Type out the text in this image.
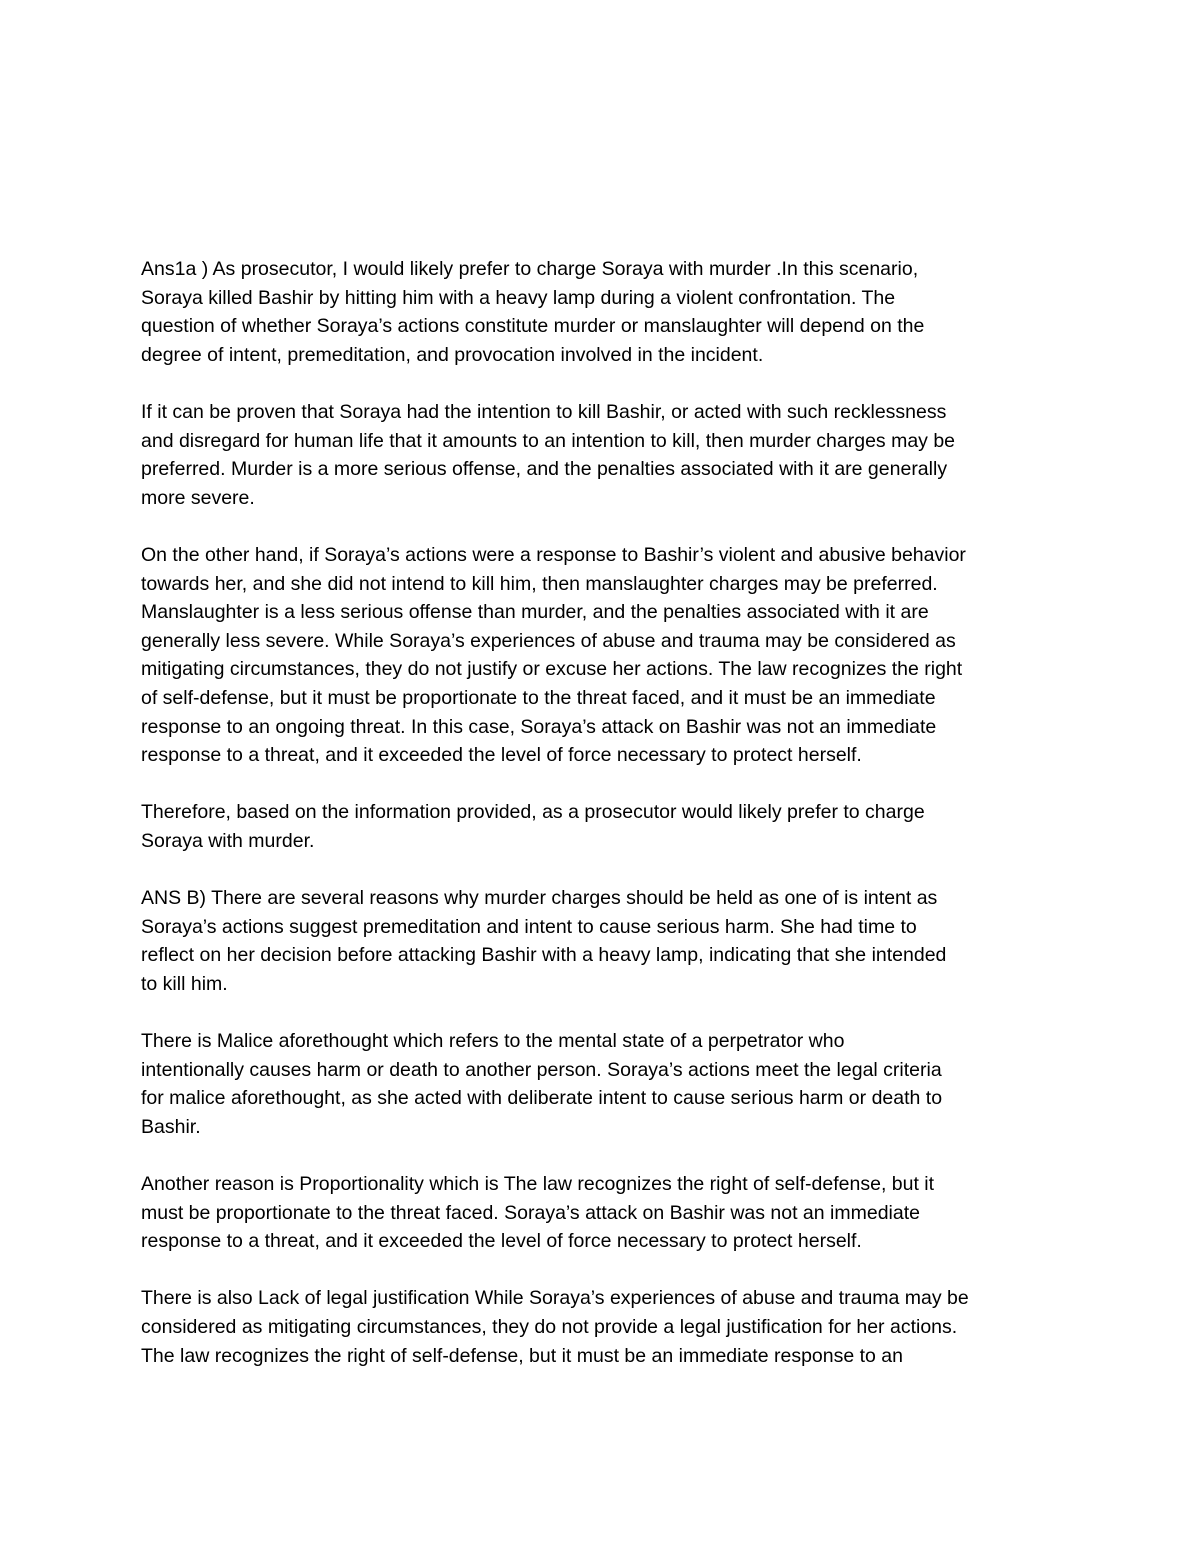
Ans1a ) As prosecutor, I would likely prefer to charge Soraya with murder .In this scenario,
Soraya killed Bashir by hitting him with a heavy lamp during a violent confrontation. The
question of whether Soraya’s actions constitute murder or manslaughter will depend on the
degree of intent, premeditation, and provocation involved in the incident.

If it can be proven that Soraya had the intention to kill Bashir, or acted with such recklessness
and disregard for human life that it amounts to an intention to kill, then murder charges may be
preferred. Murder is a more serious offense, and the penalties associated with it are generally
more severe.

On the other hand, if Soraya’s actions were a response to Bashir’s violent and abusive behavior
towards her, and she did not intend to kill him, then manslaughter charges may be preferred.
Manslaughter is a less serious offense than murder, and the penalties associated with it are
generally less severe. While Soraya’s experiences of abuse and trauma may be considered as
mitigating circumstances, they do not justify or excuse her actions. The law recognizes the right
of self-defense, but it must be proportionate to the threat faced, and it must be an immediate
response to an ongoing threat. In this case, Soraya’s attack on Bashir was not an immediate
response to a threat, and it exceeded the level of force necessary to protect herself.

Therefore, based on the information provided, as a prosecutor would likely prefer to charge
Soraya with murder.

ANS B) There are several reasons why murder charges should be held as one of is intent as
Soraya’s actions suggest premeditation and intent to cause serious harm. She had time to
reflect on her decision before attacking Bashir with a heavy lamp, indicating that she intended
to kill him.

There is Malice aforethought which refers to the mental state of a perpetrator who
intentionally causes harm or death to another person. Soraya’s actions meet the legal criteria
for malice aforethought, as she acted with deliberate intent to cause serious harm or death to
Bashir.

Another reason is Proportionality which is The law recognizes the right of self-defense, but it
must be proportionate to the threat faced. Soraya’s attack on Bashir was not an immediate
response to a threat, and it exceeded the level of force necessary to protect herself.

There is also Lack of legal justification While Soraya’s experiences of abuse and trauma may be
considered as mitigating circumstances, they do not provide a legal justification for her actions.
The law recognizes the right of self-defense, but it must be an immediate response to an
